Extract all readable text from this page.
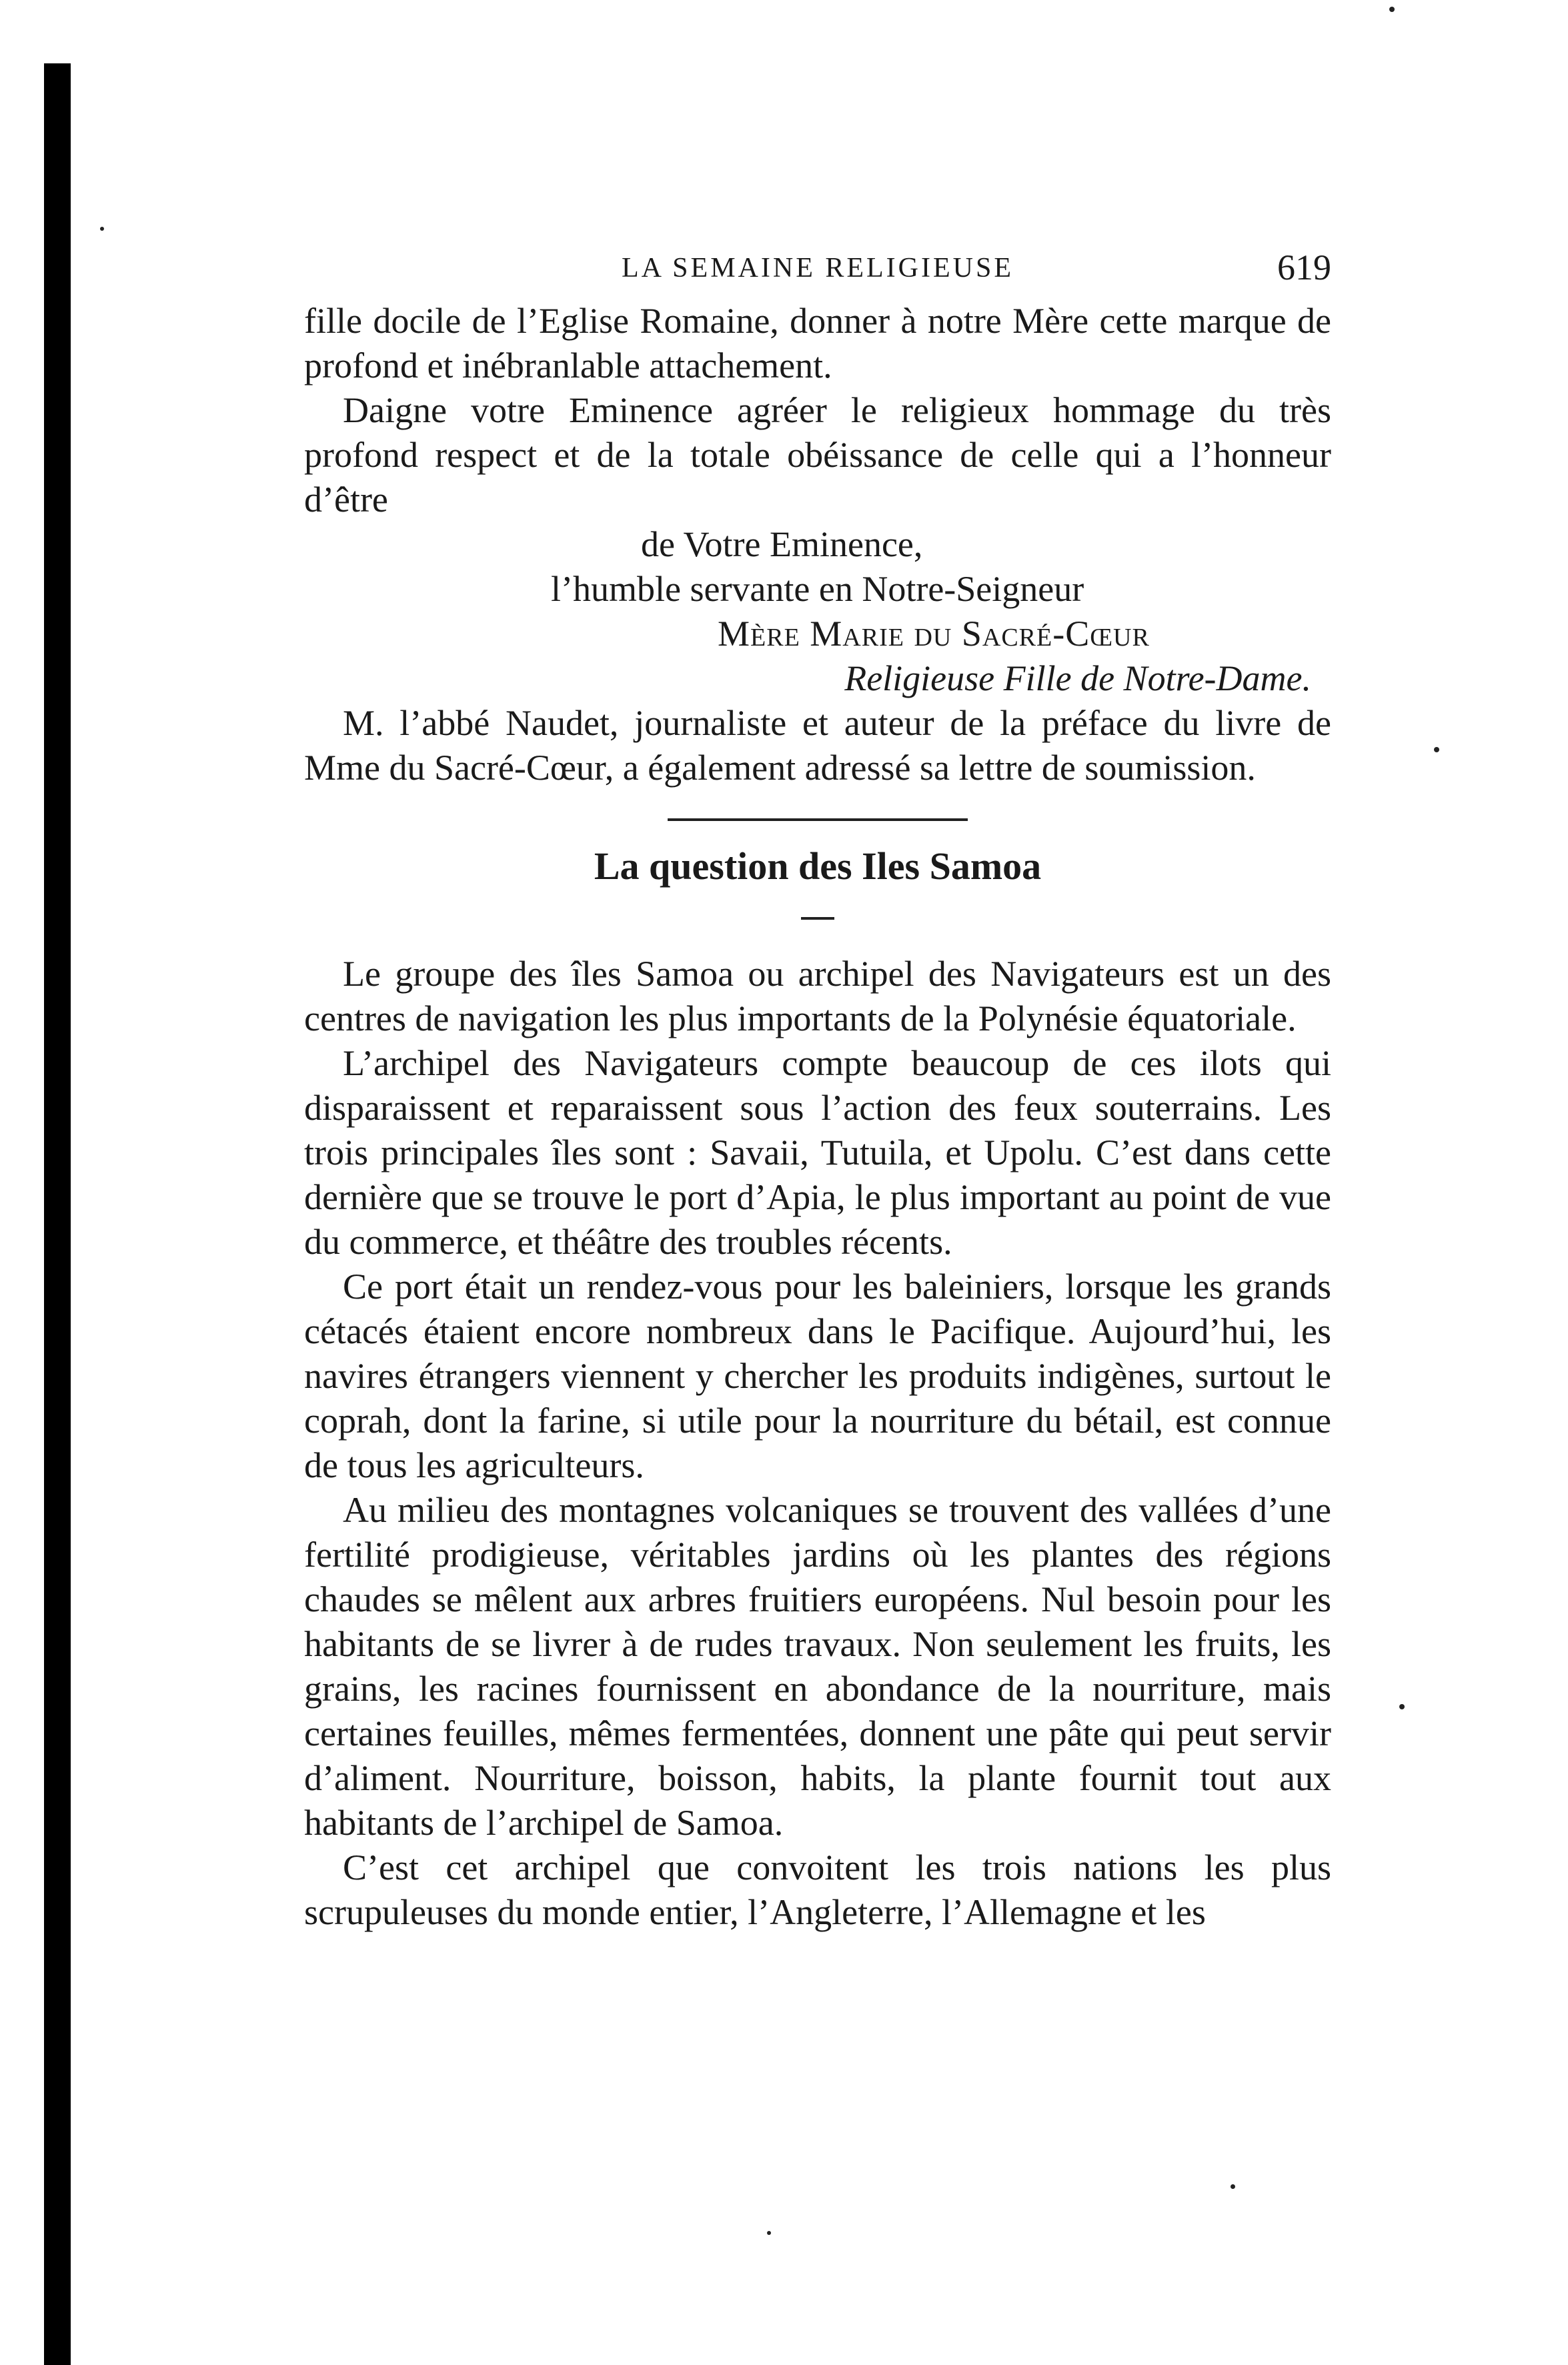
LA SEMAINE RELIGIEUSE	619

fille docile de l’Eglise Romaine, donner à notre Mère cette marque de profond et inébranlable attachement.

Daigne votre Eminence agréer le religieux hommage du très profond respect et de la totale obéissance de celle qui a l’honneur d’être

de Votre Eminence,
l’humble servante en Notre-Seigneur
Mère Marie du Sacré-Cœur
Religieuse Fille de Notre-Dame.

M. l’abbé Naudet, journaliste et auteur de la préface du livre de Mme du Sacré-Cœur, a également adressé sa lettre de soumission.

La question des Iles Samoa

Le groupe des îles Samoa ou archipel des Navigateurs est un des centres de navigation les plus importants de la Polynésie équatoriale.

L’archipel des Navigateurs compte beaucoup de ces ilots qui disparaissent et reparaissent sous l’action des feux souterrains. Les trois principales îles sont : Savaii, Tutuila, et Upolu. C’est dans cette dernière que se trouve le port d’Apia, le plus important au point de vue du commerce, et théâtre des troubles récents.

Ce port était un rendez-vous pour les baleiniers, lorsque les grands cétacés étaient encore nombreux dans le Pacifique. Aujourd’hui, les navires étrangers viennent y chercher les produits indigènes, surtout le coprah, dont la farine, si utile pour la nourriture du bétail, est connue de tous les agriculteurs.

Au milieu des montagnes volcaniques se trouvent des vallées d’une fertilité prodigieuse, véritables jardins où les plantes des régions chaudes se mêlent aux arbres fruitiers européens. Nul besoin pour les habitants de se livrer à de rudes travaux. Non seulement les fruits, les grains, les racines fournissent en abondance de la nourriture, mais certaines feuilles, mêmes fermentées, donnent une pâte qui peut servir d’aliment. Nourriture, boisson, habits, la plante fournit tout aux habitants de l’archipel de Samoa.

C’est cet archipel que convoitent les trois nations les plus scrupuleuses du monde entier, l’Angleterre, l’Allemagne et les
